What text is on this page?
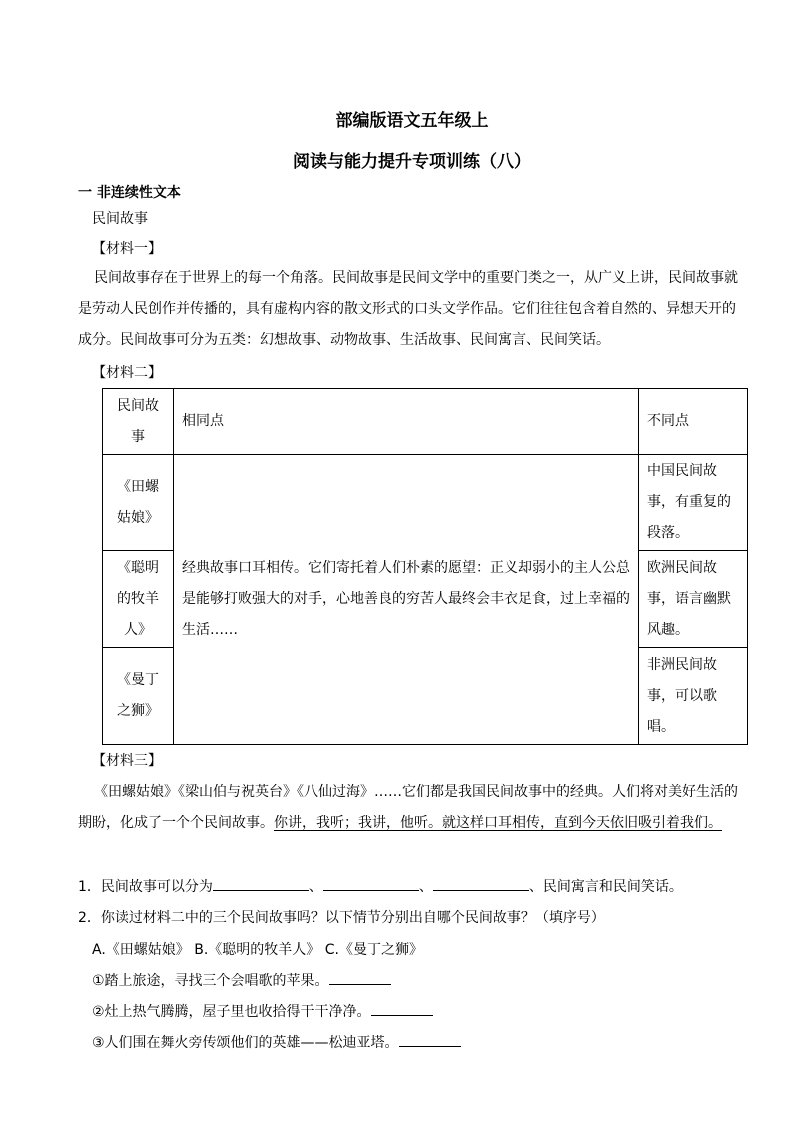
部编版语文五年级上
阅读与能力提升专项训练（八）
一 非连续性文本
民间故事
【材料一】
民间故事存在于世界上的每一个角落。民间故事是民间文学中的重要门类之一，从广义上讲，民间故事就是劳动人民创作并传播的，具有虚构内容的散文形式的口头文学作品。它们往往包含着自然的、异想天开的成分。民间故事可分为五类：幻想故事、动物故事、生活故事、民间寓言、民间笑话。
【材料二】
民间故事	相同点	不同点
《田螺姑娘》	经典故事口耳相传。它们寄托着人们朴素的愿望：正义却弱小的主人公总是能够打败强大的对手，心地善良的穷苦人最终会丰衣足食，过上幸福的生活……	中国民间故事，有重复的段落。
《聪明的牧羊人》		欧洲民间故事，语言幽默风趣。
《曼丁之狮》		非洲民间故事，可以歌唱。
【材料三】
《田螺姑娘》《梁山伯与祝英台》《八仙过海》……它们都是我国民间故事中的经典。人们将对美好生活的期盼，化成了一个个民间故事。你讲，我听；我讲，他听。就这样口耳相传，直到今天依旧吸引着我们。
1．民间故事可以分为	、	、	、民间寓言和民间笑话。
2．你读过材料二中的三个民间故事吗？以下情节分别出自哪个民间故事？（填序号）
A.《田螺姑娘》 B.《聪明的牧羊人》 C.《曼丁之狮》
①踏上旅途，寻找三个会唱歌的苹果。
②灶上热气腾腾，屋子里也收拾得干干净净。
③人们围在舞火旁传颂他们的英雄——松迪亚塔。
